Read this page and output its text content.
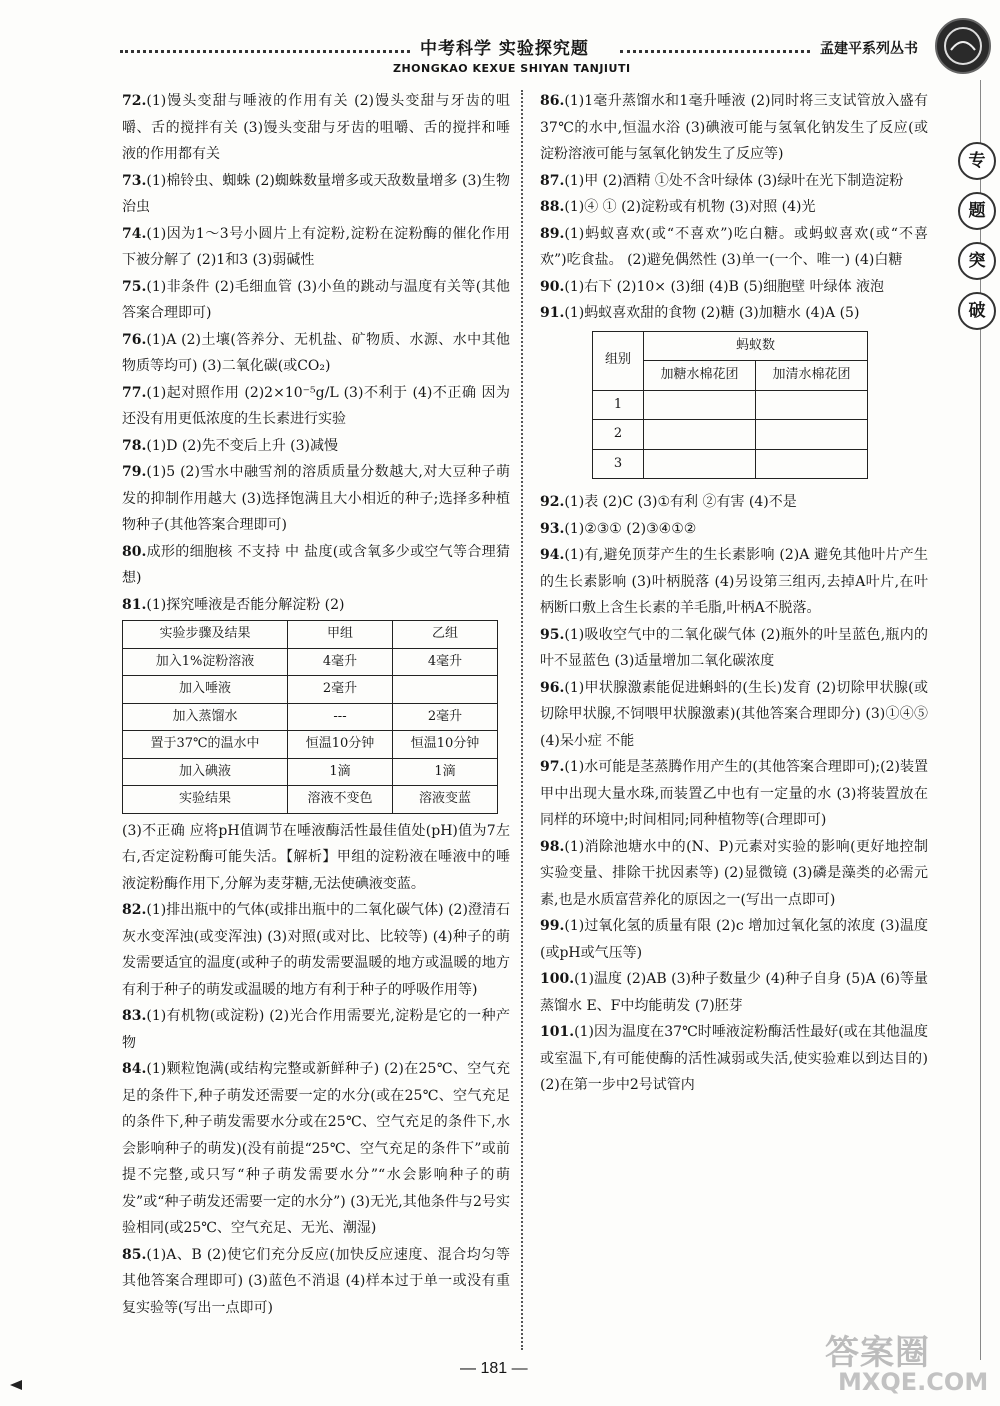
中考科学 实验探究题
ZHONGKAO KEXUE SHIYAN TANJIUTI
孟建平系列丛书
专
题
突
破

72.(1)馒头变甜与唾液的作用有关 (2)馒头变甜与牙齿的咀嚼、舌的搅拌有关 (3)馒头变甜与牙齿的咀嚼、舌的搅拌和唾液的作用都有关

73.(1)棉铃虫、蜘蛛 (2)蜘蛛数量增多或天敌数量增多 (3)生物治虫

74.(1)因为1～3号小圆片上有淀粉,淀粉在淀粉酶的催化作用下被分解了 (2)1和3 (3)弱碱性

75.(1)非条件 (2)毛细血管 (3)小鱼的跳动与温度有关等(其他答案合理即可)

76.(1)A (2)土壤(答养分、无机盐、矿物质、水源、水中其他物质等均可) (3)二氧化碳(或CO₂)

77.(1)起对照作用 (2)2×10⁻⁵g/L (3)不利于 (4)不正确 因为还没有用更低浓度的生长素进行实验

78.(1)D (2)先不变后上升 (3)减慢

79.(1)5 (2)雪水中融雪剂的溶质质量分数越大,对大豆种子萌发的抑制作用越大 (3)选择饱满且大小相近的种子;选择多种植物种子(其他答案合理即可)

80.成形的细胞核 不支持 中 盐度(或含氧多少或空气等合理猜想)

81.(1)探究唾液是否能分解淀粉 (2)

实验步骤及结果	甲组	乙组
加入1%淀粉溶液	4毫升	4毫升
加入唾液	2毫升	
加入蒸馏水	---	2毫升
置于37℃的温水中	恒温10分钟	恒温10分钟
加入碘液	1滴	1滴
实验结果	溶液不变色	溶液变蓝

(3)不正确 应将pH值调节在唾液酶活性最佳值处(pH)值为7左右,否定淀粉酶可能失活。【解析】甲组的淀粉液在唾液中的唾液淀粉酶作用下,分解为麦芽糖,无法使碘液变蓝。

82.(1)排出瓶中的气体(或排出瓶中的二氧化碳气体) (2)澄清石灰水变浑浊(或变浑浊) (3)对照(或对比、比较等) (4)种子的萌发需要适宜的温度(或种子的萌发需要温暖的地方或温暖的地方有利于种子的萌发或温暖的地方有利于种子的呼吸作用等)

83.(1)有机物(或淀粉) (2)光合作用需要光,淀粉是它的一种产物

84.(1)颗粒饱满(或结构完整或新鲜种子) (2)在25℃、空气充足的条件下,种子萌发还需要一定的水分(或在25℃、空气充足的条件下,种子萌发需要水分或在25℃、空气充足的条件下,水会影响种子的萌发)(没有前提“25℃、空气充足的条件下”或前提不完整,或只写“种子萌发需要水分”“水会影响种子的萌发”或“种子萌发还需要一定的水分”) (3)无光,其他条件与2号实验相同(或25℃、空气充足、无光、潮湿)

85.(1)A、B (2)使它们充分反应(加快反应速度、混合均匀等其他答案合理即可) (3)蓝色不消退 (4)样本过于单一或没有重复实验等(写出一点即可)

86.(1)1毫升蒸馏水和1毫升唾液 (2)同时将三支试管放入盛有37℃的水中,恒温水浴 (3)碘液可能与氢氧化钠发生了反应(或淀粉溶液可能与氢氧化钠发生了反应等)

87.(1)甲 (2)酒精 ①处不含叶绿体 (3)绿叶在光下制造淀粉

88.(1)④ ① (2)淀粉或有机物 (3)对照 (4)光

89.(1)蚂蚁喜欢(或“不喜欢”)吃白糖。或蚂蚁喜欢(或“不喜欢”)吃食盐。 (2)避免偶然性 (3)单一(一个、唯一) (4)白糖

90.(1)右下 (2)10× (3)细 (4)B (5)细胞壁 叶绿体 液泡

91.(1)蚂蚁喜欢甜的食物 (2)糖 (3)加糖水 (4)A (5)

组别	蚂蚁数	
	加糖水棉花团	加清水棉花团
1		
2		
3		

92.(1)表 (2)C (3)①有利 ②有害 (4)不是

93.(1)②③① (2)③④①②

94.(1)有,避免顶芽产生的生长素影响 (2)A 避免其他叶片产生的生长素影响 (3)叶柄脱落 (4)另设第三组丙,去掉A叶片,在叶柄断口敷上含生长素的羊毛脂,叶柄A不脱落。

95.(1)吸收空气中的二氧化碳气体 (2)瓶外的叶呈蓝色,瓶内的叶不显蓝色 (3)适量增加二氧化碳浓度

96.(1)甲状腺激素能促进蝌蚪的(生长)发育 (2)切除甲状腺(或切除甲状腺,不饲喂甲状腺激素)(其他答案合理即分) (3)①④⑤ (4)呆小症 不能

97.(1)水可能是茎蒸腾作用产生的(其他答案合理即可);(2)装置甲中出现大量水珠,而装置乙中也有一定量的水 (3)将装置放在同样的环境中;时间相同;同种植物等(合理即可)

98.(1)消除池塘水中的(N、P)元素对实验的影响(更好地控制实验变量、排除干扰因素等) (2)显微镜 (3)磷是藻类的必需元素,也是水质富营养化的原因之一(写出一点即可)

99.(1)过氧化氢的质量有限 (2)c 增加过氧化氢的浓度 (3)温度(或pH或气压等)

100.(1)温度 (2)AB (3)种子数量少 (4)种子自身 (5)A (6)等量蒸馏水 E、F中均能萌发 (7)胚芽

101.(1)因为温度在37℃时唾液淀粉酶活性最好(或在其他温度或室温下,有可能使酶的活性减弱或失活,使实验难以到达目的) (2)在第一步中2号试管内

— 181 —	答案圈
MXQE.COM
